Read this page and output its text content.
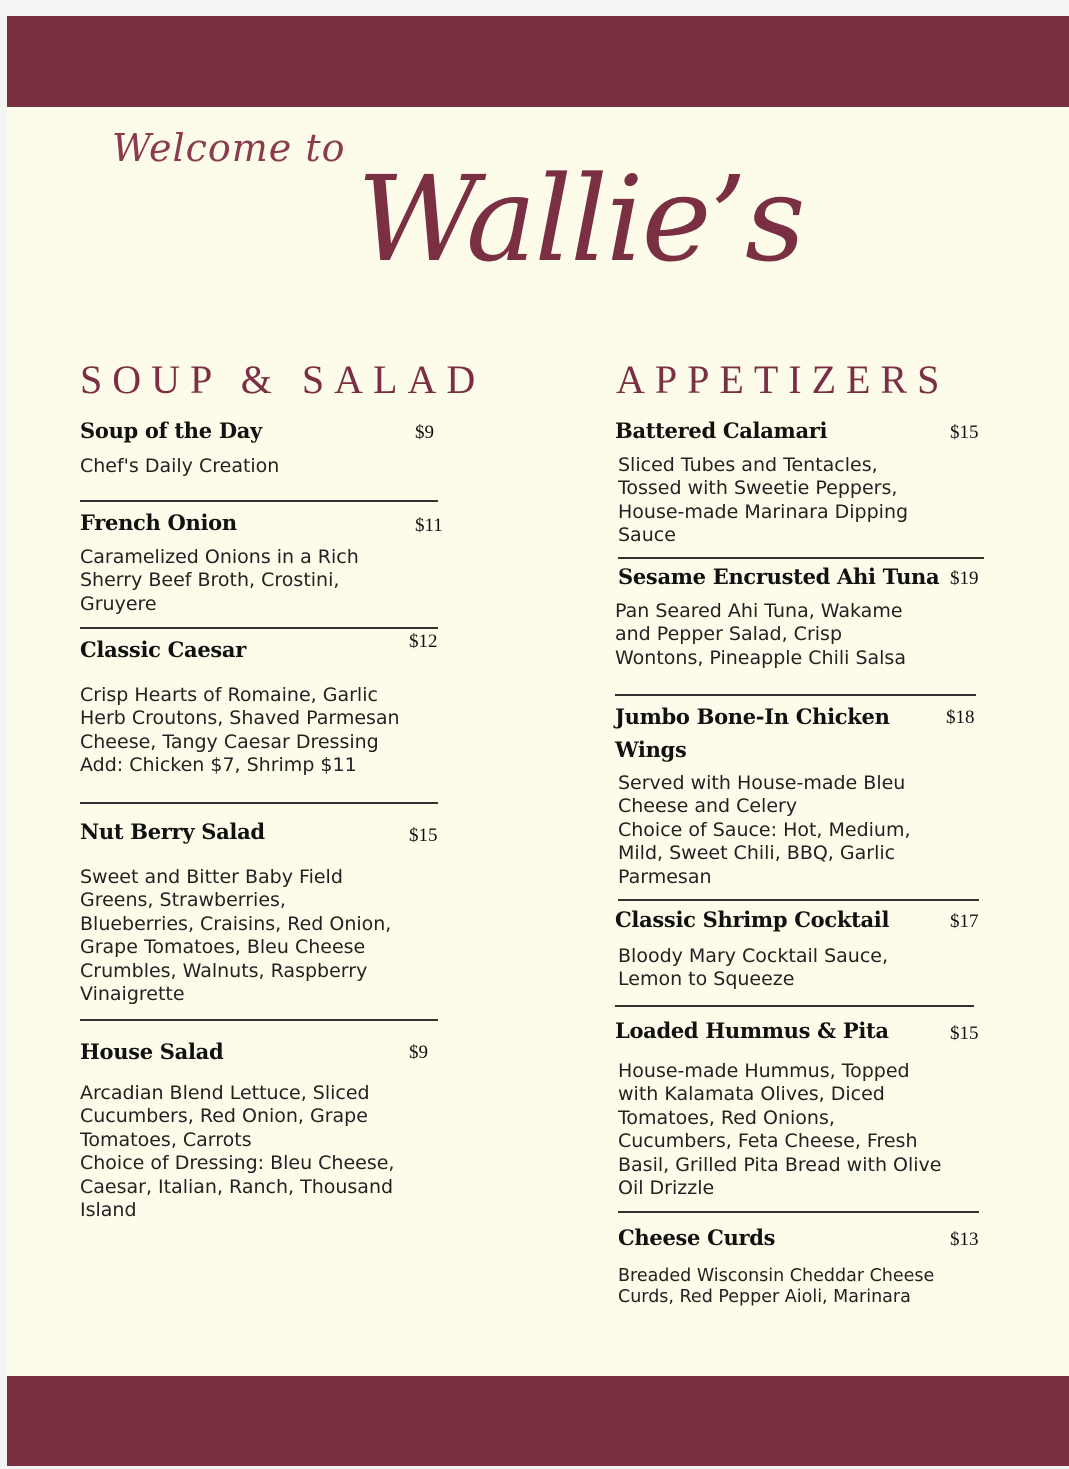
Welcome to
Wallie’s
SOUP & SALAD
Soup of the Day	$9
Chef's Daily Creation
French Onion	$11
Caramelized Onions in a Rich
Sherry Beef Broth, Crostini,
Gruyere
Classic Caesar	$12
Crisp Hearts of Romaine, Garlic
Herb Croutons, Shaved Parmesan
Cheese, Tangy Caesar Dressing
Add: Chicken $7, Shrimp $11
Nut Berry Salad	$15
Sweet and Bitter Baby Field
Greens, Strawberries,
Blueberries, Craisins, Red Onion,
Grape Tomatoes, Bleu Cheese
Crumbles, Walnuts, Raspberry
Vinaigrette
House Salad	$9
Arcadian Blend Lettuce, Sliced
Cucumbers, Red Onion, Grape
Tomatoes, Carrots
Choice of Dressing: Bleu Cheese,
Caesar, Italian, Ranch, Thousand
Island
APPETIZERS
Battered Calamari	$15
Sliced Tubes and Tentacles,
Tossed with Sweetie Peppers,
House-made Marinara Dipping
Sauce
Sesame Encrusted Ahi Tuna $19
Pan Seared Ahi Tuna, Wakame
and Pepper Salad, Crisp
Wontons, Pineapple Chili Salsa
Jumbo Bone-In Chicken Wings
$18
Served with House-made Bleu
Cheese and Celery
Choice of Sauce: Hot, Medium,
Mild, Sweet Chili, BBQ, Garlic
Parmesan
Classic Shrimp Cocktail	$17
Bloody Mary Cocktail Sauce,
Lemon to Squeeze
Loaded Hummus & Pita	$15
House-made Hummus, Topped
with Kalamata Olives, Diced
Tomatoes, Red Onions,
Cucumbers, Feta Cheese, Fresh
Basil, Grilled Pita Bread with Olive
Oil Drizzle
Cheese Curds	$13
Breaded Wisconsin Cheddar Cheese
Curds, Red Pepper Aioli, Marinara
